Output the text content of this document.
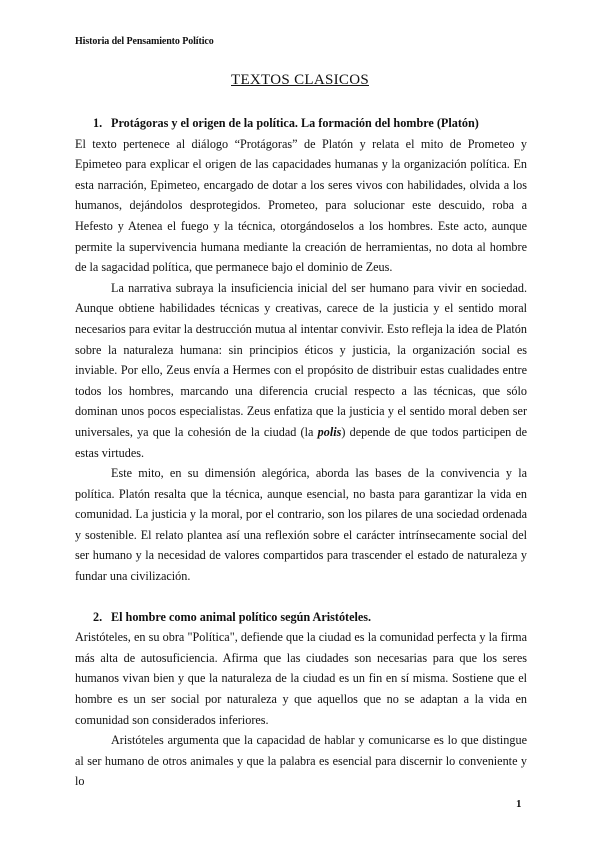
Historia del Pensamiento Político
TEXTOS CLASICOS

1. Protágoras y el origen de la política. La formación del hombre (Platón)

El texto pertenece al diálogo “Protágoras” de Platón y relata el mito de Prometeo y Epimeteo para explicar el origen de las capacidades humanas y la organización política. En esta narración, Epimeteo, encargado de dotar a los seres vivos con habilidades, olvida a los humanos, dejándolos desprotegidos. Prometeo, para solucionar este descuido, roba a Hefesto y Atenea el fuego y la técnica, otorgándoselos a los hombres. Este acto, aunque permite la supervivencia humana mediante la creación de herramientas, no dota al hombre de la sagacidad política, que permanece bajo el dominio de Zeus.

La narrativa subraya la insuficiencia inicial del ser humano para vivir en sociedad. Aunque obtiene habilidades técnicas y creativas, carece de la justicia y el sentido moral necesarios para evitar la destrucción mutua al intentar convivir. Esto refleja la idea de Platón sobre la naturaleza humana: sin principios éticos y justicia, la organización social es inviable. Por ello, Zeus envía a Hermes con el propósito de distribuir estas cualidades entre todos los hombres, marcando una diferencia crucial respecto a las técnicas, que sólo dominan unos pocos especialistas. Zeus enfatiza que la justicia y el sentido moral deben ser universales, ya que la cohesión de la ciudad (la polis) depende de que todos participen de estas virtudes.

Este mito, en su dimensión alegórica, aborda las bases de la convivencia y la política. Platón resalta que la técnica, aunque esencial, no basta para garantizar la vida en comunidad. La justicia y la moral, por el contrario, son los pilares de una sociedad ordenada y sostenible. El relato plantea así una reflexión sobre el carácter intrínsecamente social del ser humano y la necesidad de valores compartidos para trascender el estado de naturaleza y fundar una civilización.

2. El hombre como animal político según Aristóteles.

Aristóteles, en su obra "Política", defiende que la ciudad es la comunidad perfecta y la firma más alta de autosuficiencia. Afirma que las ciudades son necesarias para que los seres humanos vivan bien y que la naturaleza de la ciudad es un fin en sí misma. Sostiene que el hombre es un ser social por naturaleza y que aquellos que no se adaptan a la vida en comunidad son considerados inferiores.

Aristóteles argumenta que la capacidad de hablar y comunicarse es lo que distingue al ser humano de otros animales y que la palabra es esencial para discernir lo conveniente y lo

1
